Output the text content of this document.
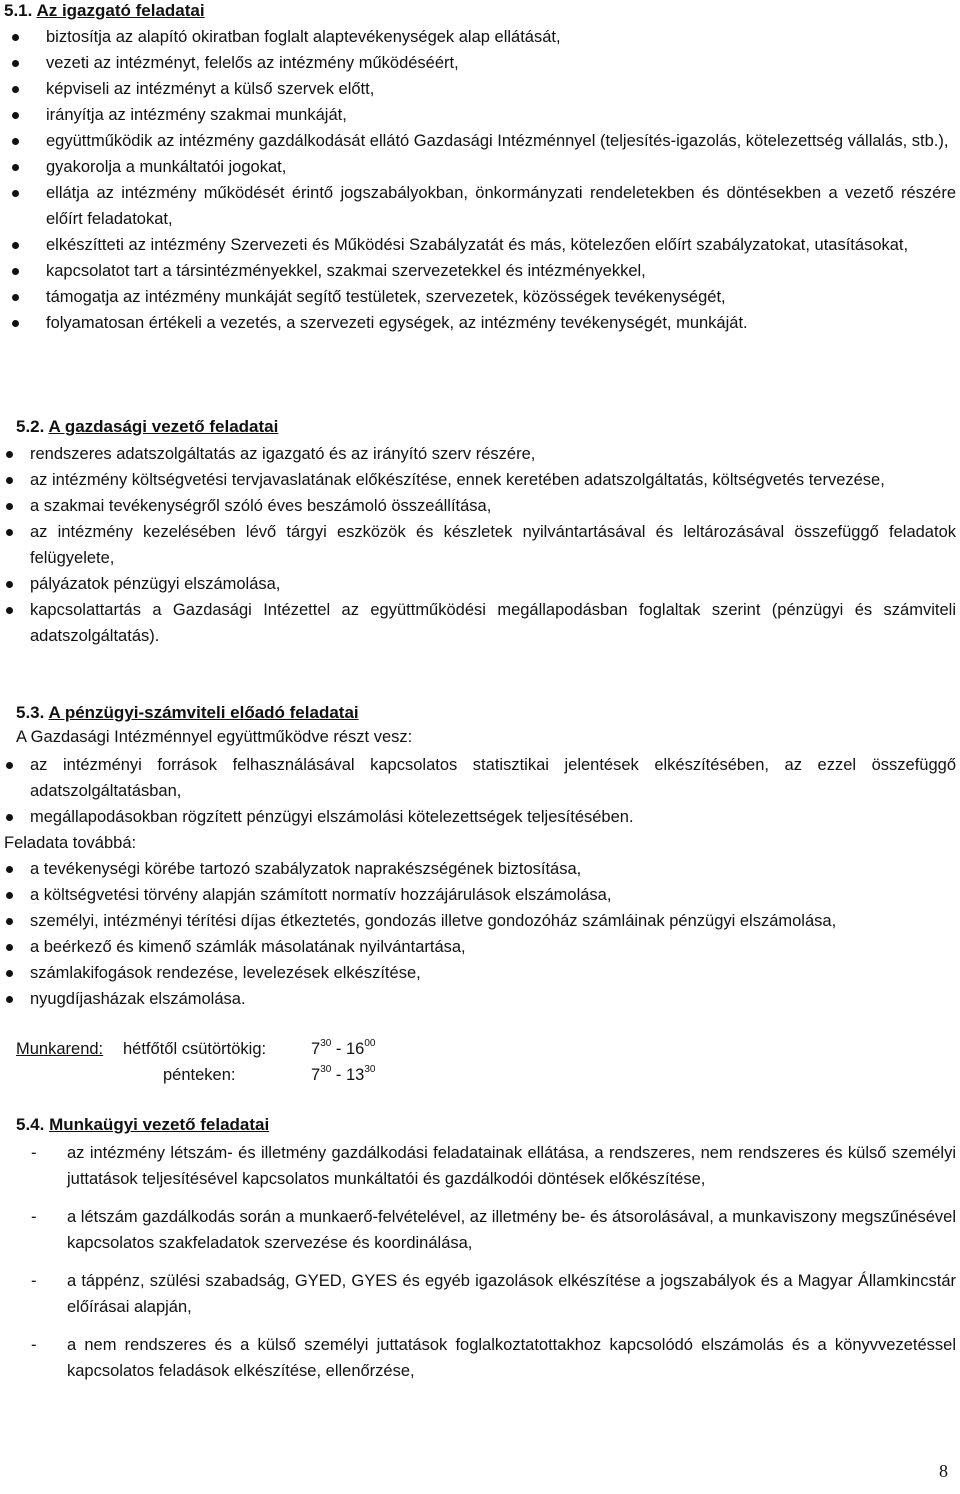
5.1. Az igazgató feladatai
biztosítja az alapító okiratban foglalt alaptevékenységek alap ellátását,
vezeti az intézményt, felelős az intézmény működéséért,
képviseli az intézményt a külső szervek előtt,
irányítja az intézmény szakmai munkáját,
együttműködik az intézmény gazdálkodását ellátó Gazdasági Intézménnyel (teljesítés-igazolás, kötelezettség vállalás, stb.),
gyakorolja a munkáltatói jogokat,
ellátja az intézmény működését érintő jogszabályokban, önkormányzati rendeletekben és döntésekben a vezető részére előírt feladatokat,
elkészítteti az intézmény Szervezeti és Működési Szabályzatát és más, kötelezően előírt szabályzatokat, utasításokat,
kapcsolatot tart a társintézményekkel, szakmai szervezetekkel és intézményekkel,
támogatja az intézmény munkáját segítő testületek, szervezetek, közösségek tevékenységét,
folyamatosan értékeli a vezetés, a szervezeti egységek, az intézmény tevékenységét, munkáját.
5.2. A gazdasági vezető feladatai
rendszeres adatszolgáltatás az igazgató és az irányító szerv részére,
az intézmény költségvetési tervjavaslatának előkészítése, ennek keretében adatszolgáltatás, költségvetés tervezése,
a szakmai tevékenységről szóló éves beszámoló összeállítása,
az intézmény kezelésében lévő tárgyi eszközök és készletek nyilvántartásával és leltározásával összefüggő feladatok felügyelete,
pályázatok pénzügyi elszámolása,
kapcsolattartás a Gazdasági Intézettel az együttműködési megállapodásban foglaltak szerint (pénzügyi és számviteli adatszolgáltatás).
5.3. A pénzügyi-számviteli előadó feladatai

A Gazdasági Intézménnyel együttműködve részt vesz:

az intézményi források felhasználásával kapcsolatos statisztikai jelentések elkészítésében, az ezzel összefüggő adatszolgáltatásban,
megállapodásokban rögzített pénzügyi elszámolási kötelezettségek teljesítésében.

Feladata továbbá:

a tevékenységi körébe tartozó szabályzatok naprakészségének biztosítása,
a költségvetési törvény alapján számított normatív hozzájárulások elszámolása,
személyi, intézményi térítési díjas étkeztetés, gondozás illetve gondozóház számláinak pénzügyi elszámolása,
a beérkező és kimenő számlák másolatának nyilvántartása,
számlakifogások rendezése, levelezések elkészítése,
nyugdíjasházak elszámolása.
Munkarend: hétfőtől csütörtökig:	$7^{30} - 16^{00}$
pénteken:	$7^{30} - 13^{30}$
5.4. Munkaügyi vezető feladatai
- az intézmény létszám- és illetmény gazdálkodási feladatainak ellátása, a rendszeres, nem rendszeres és külső személyi juttatások teljesítésével kapcsolatos munkáltatói és gazdálkodói döntések előkészítése,
- a létszám gazdálkodás során a munkaerő-felvételével, az illetmény be- és átsorolásával, a munkaviszony megszűnésével kapcsolatos szakfeladatok szervezése és koordinálása,
- a táppénz, szülési szabadság, GYED, GYES és egyéb igazolások elkészítése a jogszabályok és a Magyar Államkincstár előírásai alapján,
- a nem rendszeres és a külső személyi juttatások foglalkoztatottakhoz kapcsolódó elszámolás és a könyvvezetéssel kapcsolatos feladások elkészítése, ellenőrzése,
8
